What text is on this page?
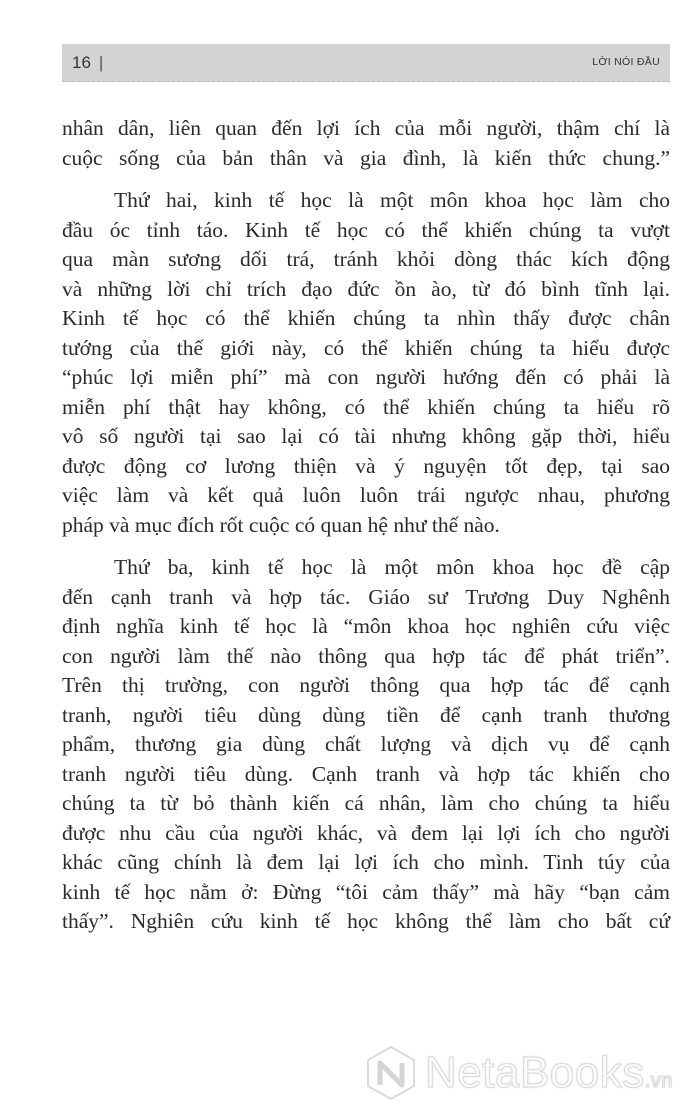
16 |	LỜI NÓI ĐẦU
nhân dân, liên quan đến lợi ích của mỗi người, thậm chí là
cuộc sống của bản thân và gia đình, là kiến thức chung.”
Thứ hai, kinh tế học là một môn khoa học làm cho
đầu óc tỉnh táo. Kinh tế học có thể khiến chúng ta vượt
qua màn sương dối trá, tránh khỏi dòng thác kích động
và những lời chỉ trích đạo đức ồn ào, từ đó bình tĩnh lại.
Kinh tế học có thể khiến chúng ta nhìn thấy được chân
tướng của thế giới này, có thể khiến chúng ta hiểu được
“phúc lợi miễn phí” mà con người hướng đến có phải là
miễn phí thật hay không, có thể khiến chúng ta hiểu rõ
vô số người tại sao lại có tài nhưng không gặp thời, hiểu
được động cơ lương thiện và ý nguyện tốt đẹp, tại sao
việc làm và kết quả luôn luôn trái ngược nhau, phương
pháp và mục đích rốt cuộc có quan hệ như thế nào.
Thứ ba, kinh tế học là một môn khoa học đề cập
đến cạnh tranh và hợp tác. Giáo sư Trương Duy Nghênh
định nghĩa kinh tế học là “môn khoa học nghiên cứu việc
con người làm thế nào thông qua hợp tác để phát triển”.
Trên thị trường, con người thông qua hợp tác để cạnh
tranh, người tiêu dùng dùng tiền để cạnh tranh thương
phẩm, thương gia dùng chất lượng và dịch vụ để cạnh
tranh người tiêu dùng. Cạnh tranh và hợp tác khiến cho
chúng ta từ bỏ thành kiến cá nhân, làm cho chúng ta hiểu
được nhu cầu của người khác, và đem lại lợi ích cho người
khác cũng chính là đem lại lợi ích cho mình. Tinh túy của
kinh tế học nằm ở: Đừng “tôi cảm thấy” mà hãy “bạn cảm
thấy”. Nghiên cứu kinh tế học không thể làm cho bất cứ
NetaBooks.vn
